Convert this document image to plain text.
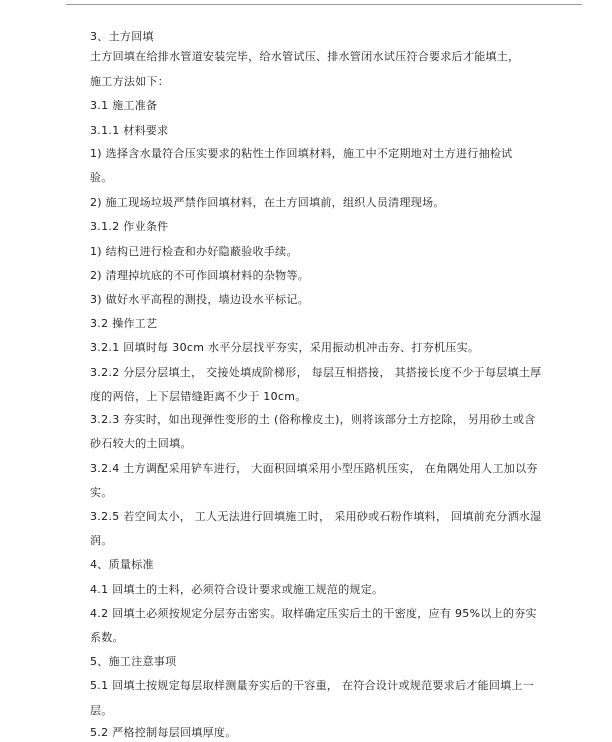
3、土方回填
土方回填在给排水管道安装完毕，给水管试压、排水管闭水试压符合要求后才能填土，
施工方法如下：
3.1 施工准备
3.1.1 材料要求
1) 选择含水量符合压实要求的粘性土作回填材料，施工中不定期地对土方进行抽检试
验。
2) 施工现场垃圾严禁作回填材料，在土方回填前，组织人员清理现场。
3.1.2 作业条件
1) 结构已进行检查和办好隐蔽验收手续。
2) 清理掉坑底的不可作回填材料的杂物等。
3) 做好水平高程的测投，墙边设水平标记。
3.2 操作工艺
3.2.1 回填时每 30cm 水平分层找平夯实，采用振动机冲击夯、打夯机压实。
3.2.2 分层分层填土， 交接处填成阶梯形， 每层互相搭接， 其搭接长度不少于每层填土厚
度的两倍，上下层错缝距离不少于 10cm。
3.2.3 夯实时，如出现弹性变形的土 (俗称橡皮土)，则将该部分土方挖除， 另用砂土或含
砂石较大的土回填。
3.2.4 土方调配采用铲车进行， 大面积回填采用小型压路机压实， 在角隅处用人工加以夯
实。
3.2.5 若空间太小， 工人无法进行回填施工时， 采用砂或石粉作填料， 回填前充分洒水湿
润。
4、质量标准
4.1 回填土的土料，必须符合设计要求或施工规范的规定。
4.2 回填土必须按规定分层夯击密实。取样确定压实后土的干密度，应有 95%以上的夯实
系数。
5、施工注意事项
5.1 回填土按规定每层取样测量夯实后的干容重， 在符合设计或规范要求后才能回填上一
层。
5.2 严格控制每层回填厚度。
